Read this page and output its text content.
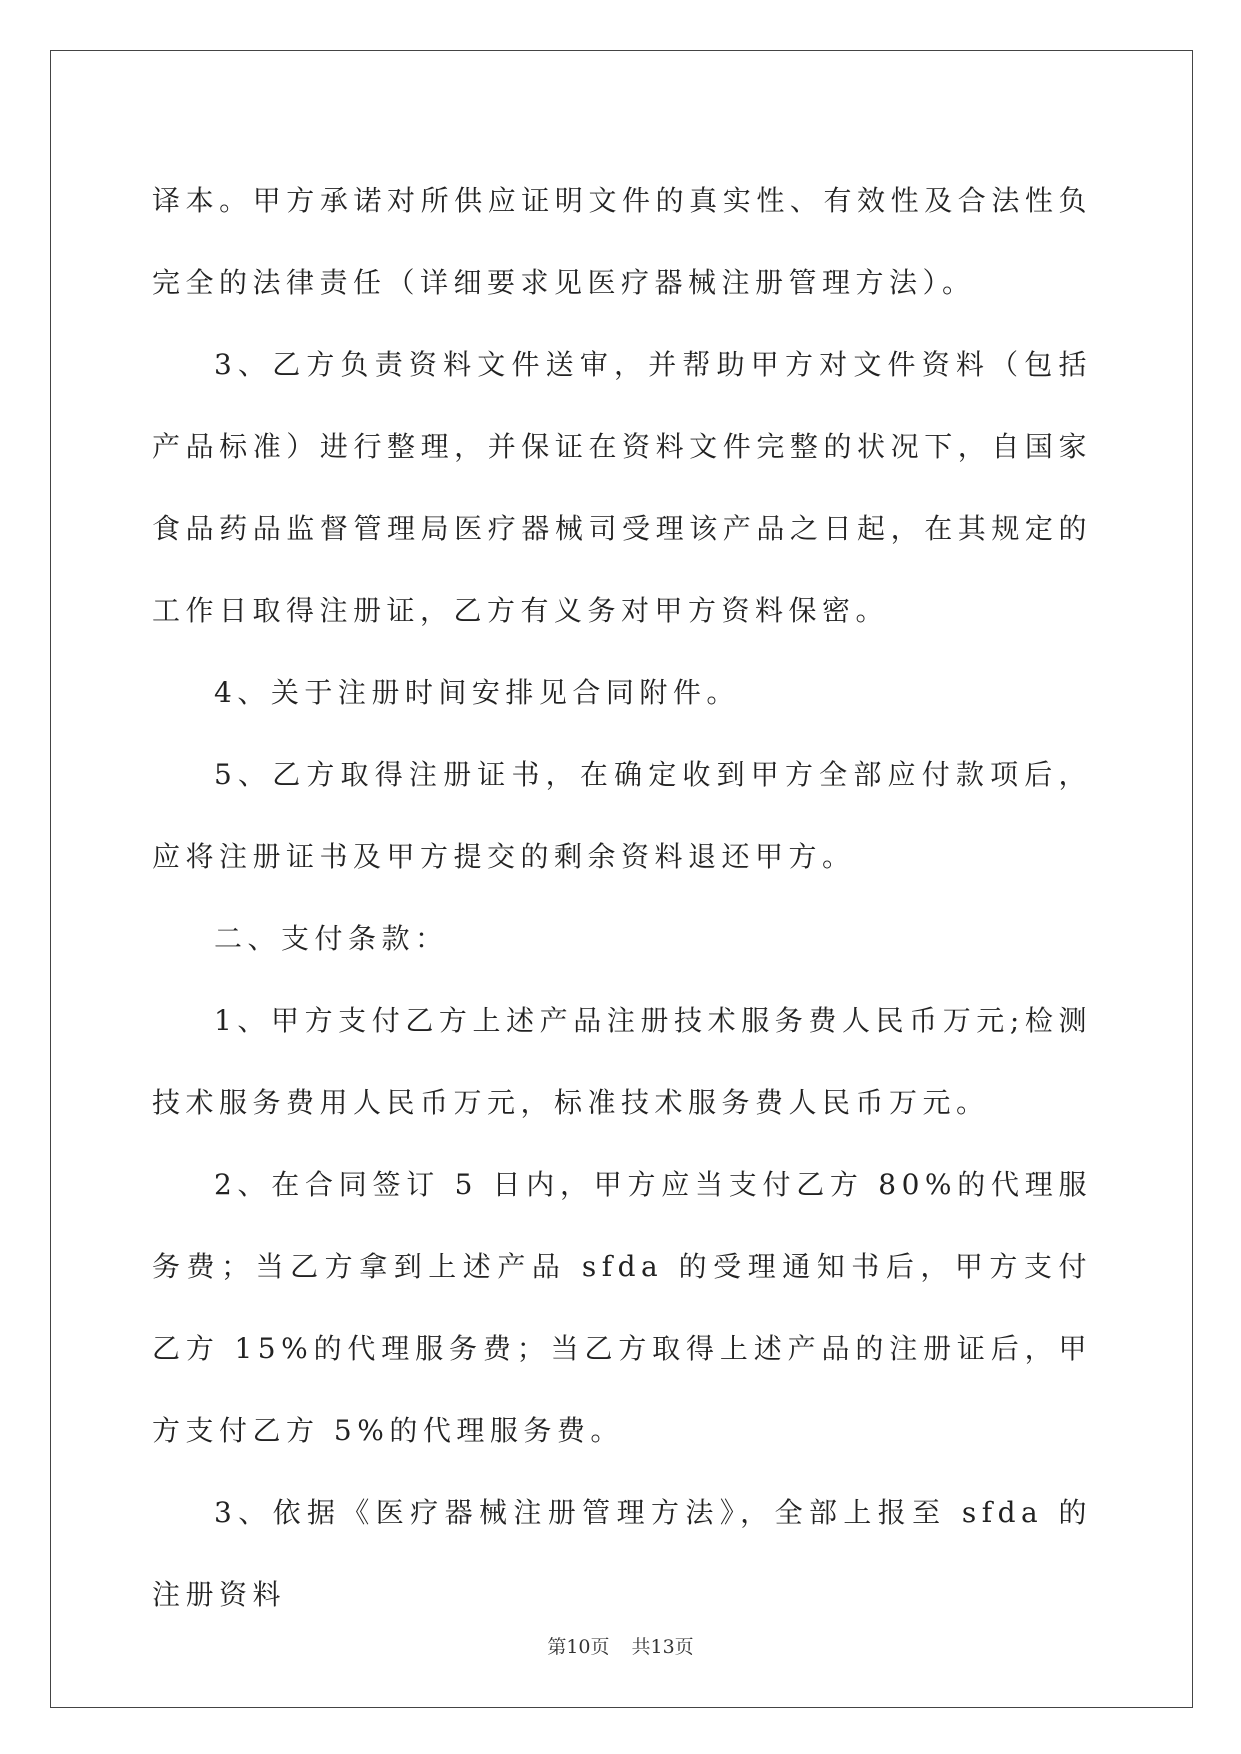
译本。甲方承诺对所供应证明文件的真实性、有效性及合法性负完全的法律责任（详细要求见医疗器械注册管理方法）。

3、乙方负责资料文件送审，并帮助甲方对文件资料（包括产品标准）进行整理，并保证在资料文件完整的状况下，自国家食品药品监督管理局医疗器械司受理该产品之日起，在其规定的工作日取得注册证，乙方有义务对甲方资料保密。

4、关于注册时间安排见合同附件。

5、乙方取得注册证书，在确定收到甲方全部应付款项后，应将注册证书及甲方提交的剩余资料退还甲方。

二、支付条款：

1、甲方支付乙方上述产品注册技术服务费人民币万元;检测技术服务费用人民币万元，标准技术服务费人民币万元。

2、在合同签订 5 日内，甲方应当支付乙方 80%的代理服务费；当乙方拿到上述产品 sfda 的受理通知书后，甲方支付乙方 15%的代理服务费；当乙方取得上述产品的注册证后，甲方支付乙方 5%的代理服务费。

3、依据《医疗器械注册管理方法》，全部上报至 sfda 的注册资料

第10页 共13页
